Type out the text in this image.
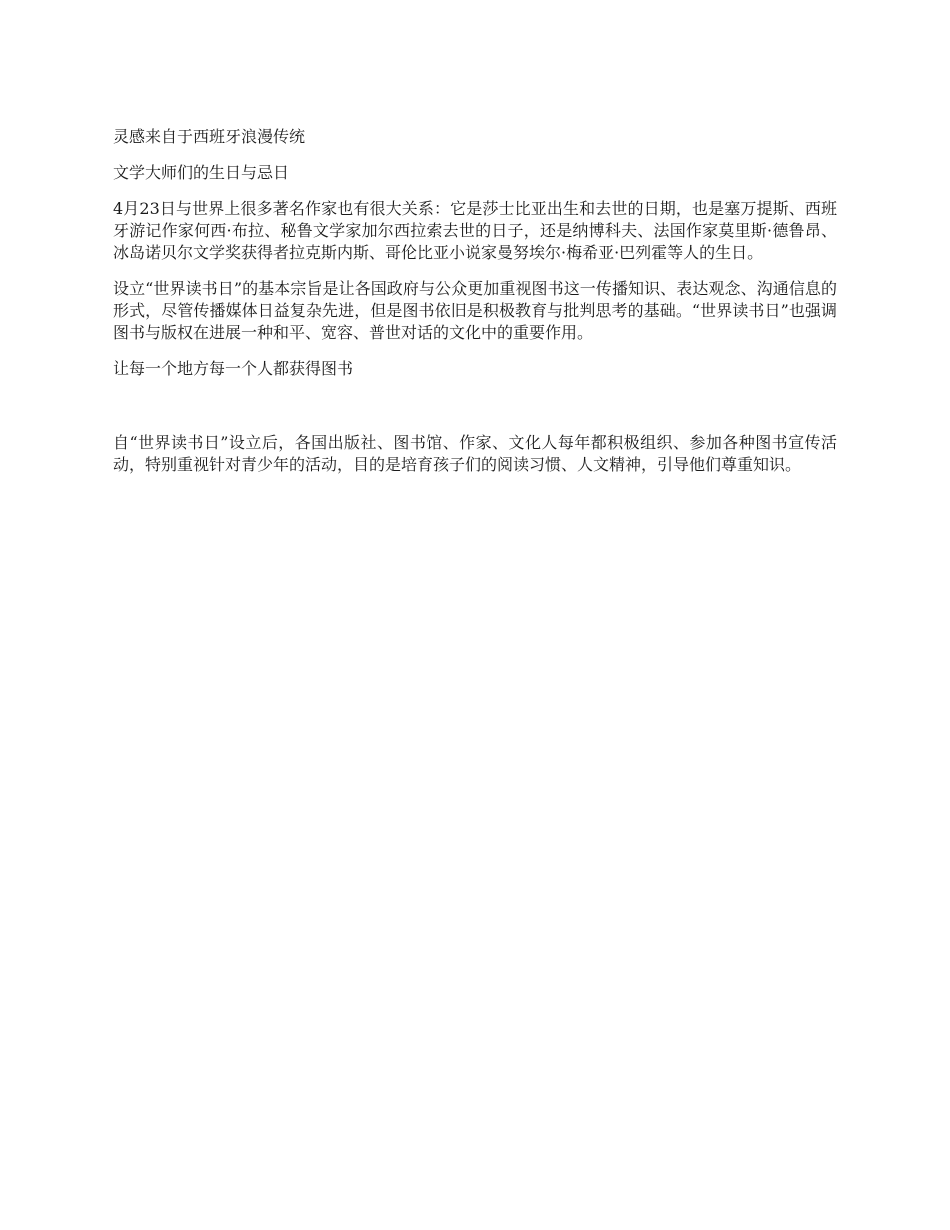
灵感来自于西班牙浪漫传统

文学大师们的生日与忌日

4月23日与世界上很多著名作家也有很大关系：它是莎士比亚出生和去世的日期，也是塞万提斯、西班牙游记作家何西·布拉、秘鲁文学家加尔西拉索去世的日子，还是纳博科夫、法国作家莫里斯·德鲁昂、冰岛诺贝尔文学奖获得者拉克斯内斯、哥伦比亚小说家曼努埃尔·梅希亚·巴列霍等人的生日。

设立“世界读书日”的基本宗旨是让各国政府与公众更加重视图书这一传播知识、表达观念、沟通信息的形式，尽管传播媒体日益复杂先进，但是图书依旧是积极教育与批判思考的基础。“世界读书日”也强调图书与版权在进展一种和平、宽容、普世对话的文化中的重要作用。

让每一个地方每一个人都获得图书

自“世界读书日”设立后，各国出版社、图书馆、作家、文化人每年都积极组织、参加各种图书宣传活动，特别重视针对青少年的活动，目的是培育孩子们的阅读习惯、人文精神，引导他们尊重知识。
